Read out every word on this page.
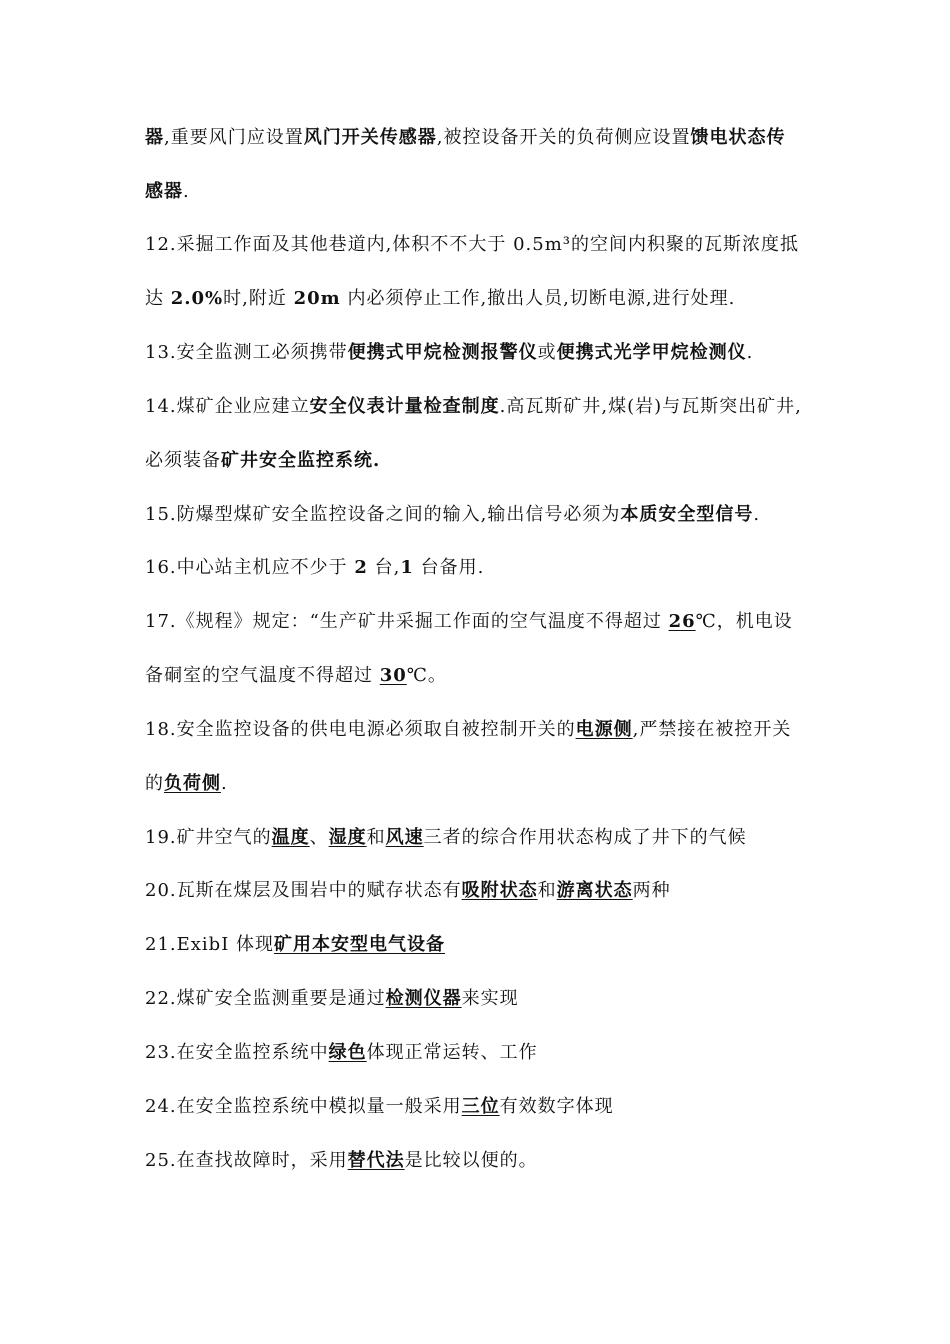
器,重要风门应设置风门开关传感器,被控设备开关的负荷侧应设置馈电状态传
感器.
12.采掘工作面及其他巷道内,体积不不大于 0.5m³的空间内积聚的瓦斯浓度抵
达 2.0%时,附近 20m 内必须停止工作,撤出人员,切断电源,进行处理.
13.安全监测工必须携带便携式甲烷检测报警仪或便携式光学甲烷检测仪.
14.煤矿企业应建立安全仪表计量检查制度.高瓦斯矿井,煤(岩)与瓦斯突出矿井,
必须装备矿井安全监控系统.
15.防爆型煤矿安全监控设备之间的输入,输出信号必须为本质安全型信号.
16.中心站主机应不少于 2 台,1 台备用.
17.《规程》规定：“生产矿井采掘工作面的空气温度不得超过 26℃，机电设
备硐室的空气温度不得超过 30℃。
18.安全监控设备的供电电源必须取自被控制开关的电源侧,严禁接在被控开关
的负荷侧.
19.矿井空气的温度、湿度和风速三者的综合作用状态构成了井下的气候
20.瓦斯在煤层及围岩中的赋存状态有吸附状态和游离状态两种
21.ExibI 体现矿用本安型电气设备
22.煤矿安全监测重要是通过检测仪器来实现
23.在安全监控系统中绿色体现正常运转、工作
24.在安全监控系统中模拟量一般采用三位有效数字体现
25.在查找故障时，采用替代法是比较以便的。
